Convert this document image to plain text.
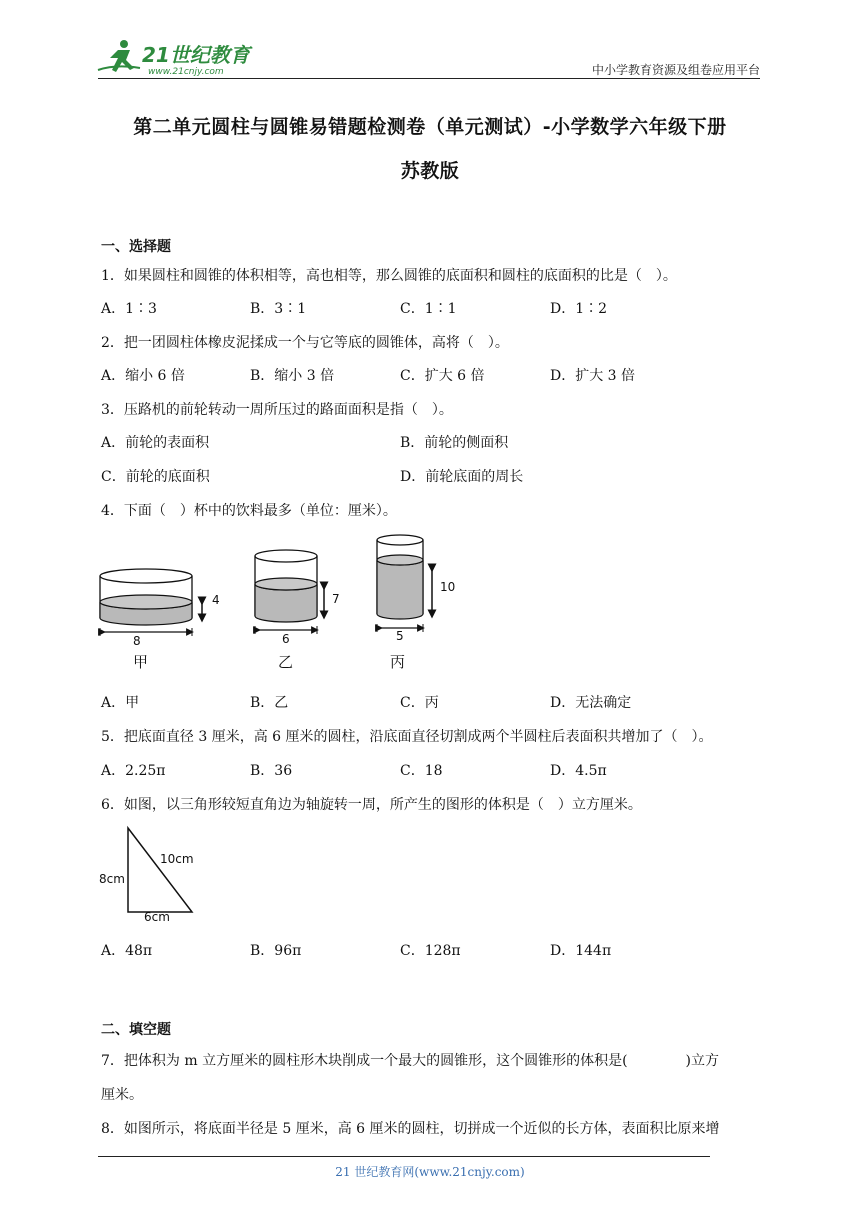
21世纪教育
www.21cnjy.com	中小学教育资源及组卷应用平台
第二单元圆柱与圆锥易错题检测卷（单元测试）-小学数学六年级下册
苏教版
一、选择题
1．如果圆柱和圆锥的体积相等，高也相等，那么圆锥的底面积和圆柱的底面积的比是（　）。
A．1∶3	B．3∶1	C．1∶1	D．1∶2
2．把一团圆柱体橡皮泥揉成一个与它等底的圆锥体，高将（　）。
A．缩小 6 倍	B．缩小 3 倍	C．扩大 6 倍	D．扩大 3 倍
3．压路机的前轮转动一周所压过的路面面积是指（　）。
A．前轮的表面积	B．前轮的侧面积
C．前轮的底面积	D．前轮底面的周长
4．下面（　）杯中的饮料最多（单位：厘米）。
4
8
甲
7
6
乙
10
5
丙
A．甲	B．乙	C．丙	D．无法确定
5．把底面直径 3 厘米，高 6 厘米的圆柱，沿底面直径切割成两个半圆柱后表面积共增加了（　）。
A．2.25π	B．36	C．18	D．4.5π
6．如图，以三角形较短直角边为轴旋转一周，所产生的图形的体积是（　）立方厘米。
10cm
8cm
6cm
A．48π	B．96π	C．128π	D．144π
二、填空题
7．把体积为 m 立方厘米的圆柱形木块削成一个最大的圆锥形，这个圆锥形的体积是(	)立方
厘米。
8．如图所示，将底面半径是 5 厘米，高 6 厘米的圆柱，切拼成一个近似的长方体，表面积比原来增
21 世纪教育网(www.21cnjy.com)
